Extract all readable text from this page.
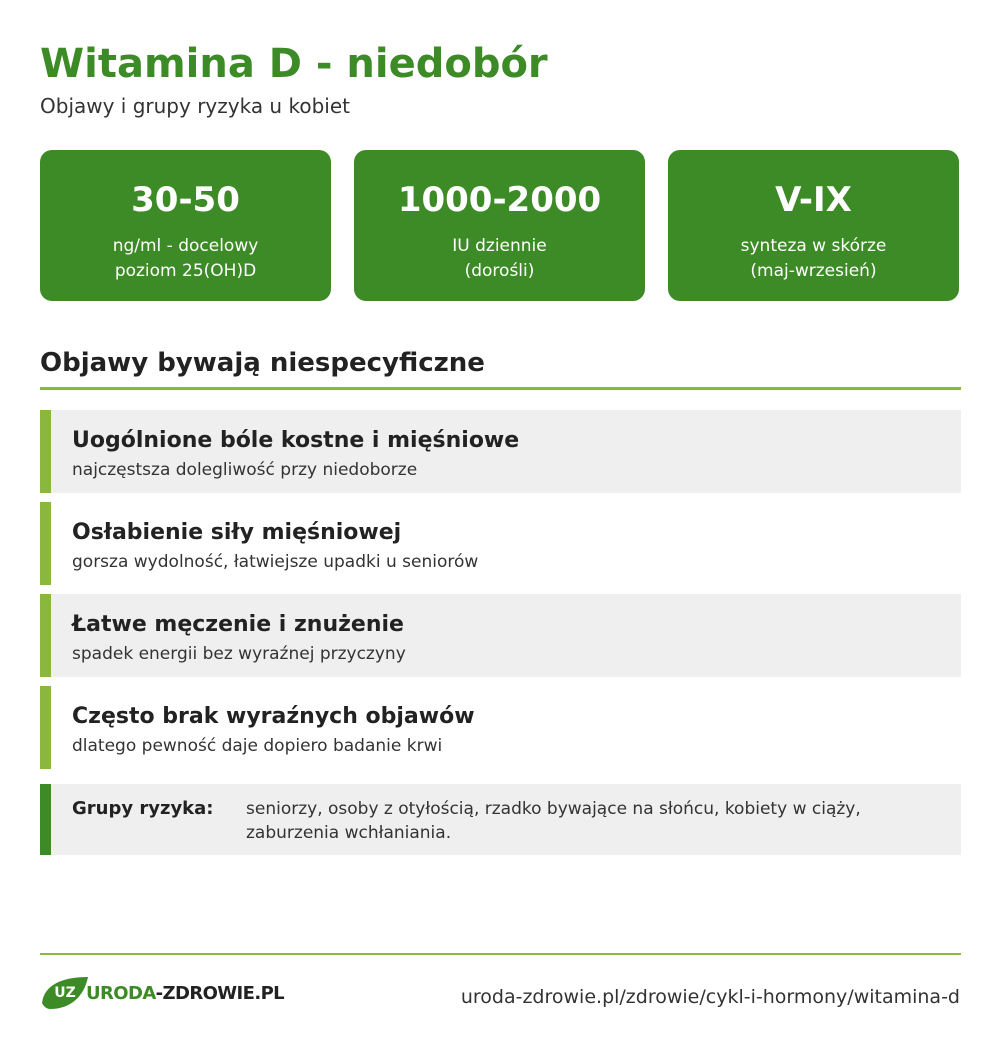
Witamina D - niedobór
Objawy i grupy ryzyka u kobiet
30-50
ng/ml - docelowy
poziom 25(OH)D
1000-2000
IU dziennie
(dorośli)
V-IX
synteza w skórze
(maj-wrzesień)
Objawy bywają niespecyficzne
Uogólnione bóle kostne i mięśniowe
najczęstsza dolegliwość przy niedoborze
Osłabienie siły mięśniowej
gorsza wydolność, łatwiejsze upadki u seniorów
Łatwe męczenie i znużenie
spadek energii bez wyraźnej przyczyny
Często brak wyraźnych objawów
dlatego pewność daje dopiero badanie krwi
Grupy ryzyka: seniorzy, osoby z otyłością, rzadko bywające na słońcu, kobiety w ciąży, zaburzenia wchłaniania.
URODA-ZDROWIE.PL
UZ	uroda-zdrowie.pl/zdrowie/cykl-i-hormony/witamina-d
